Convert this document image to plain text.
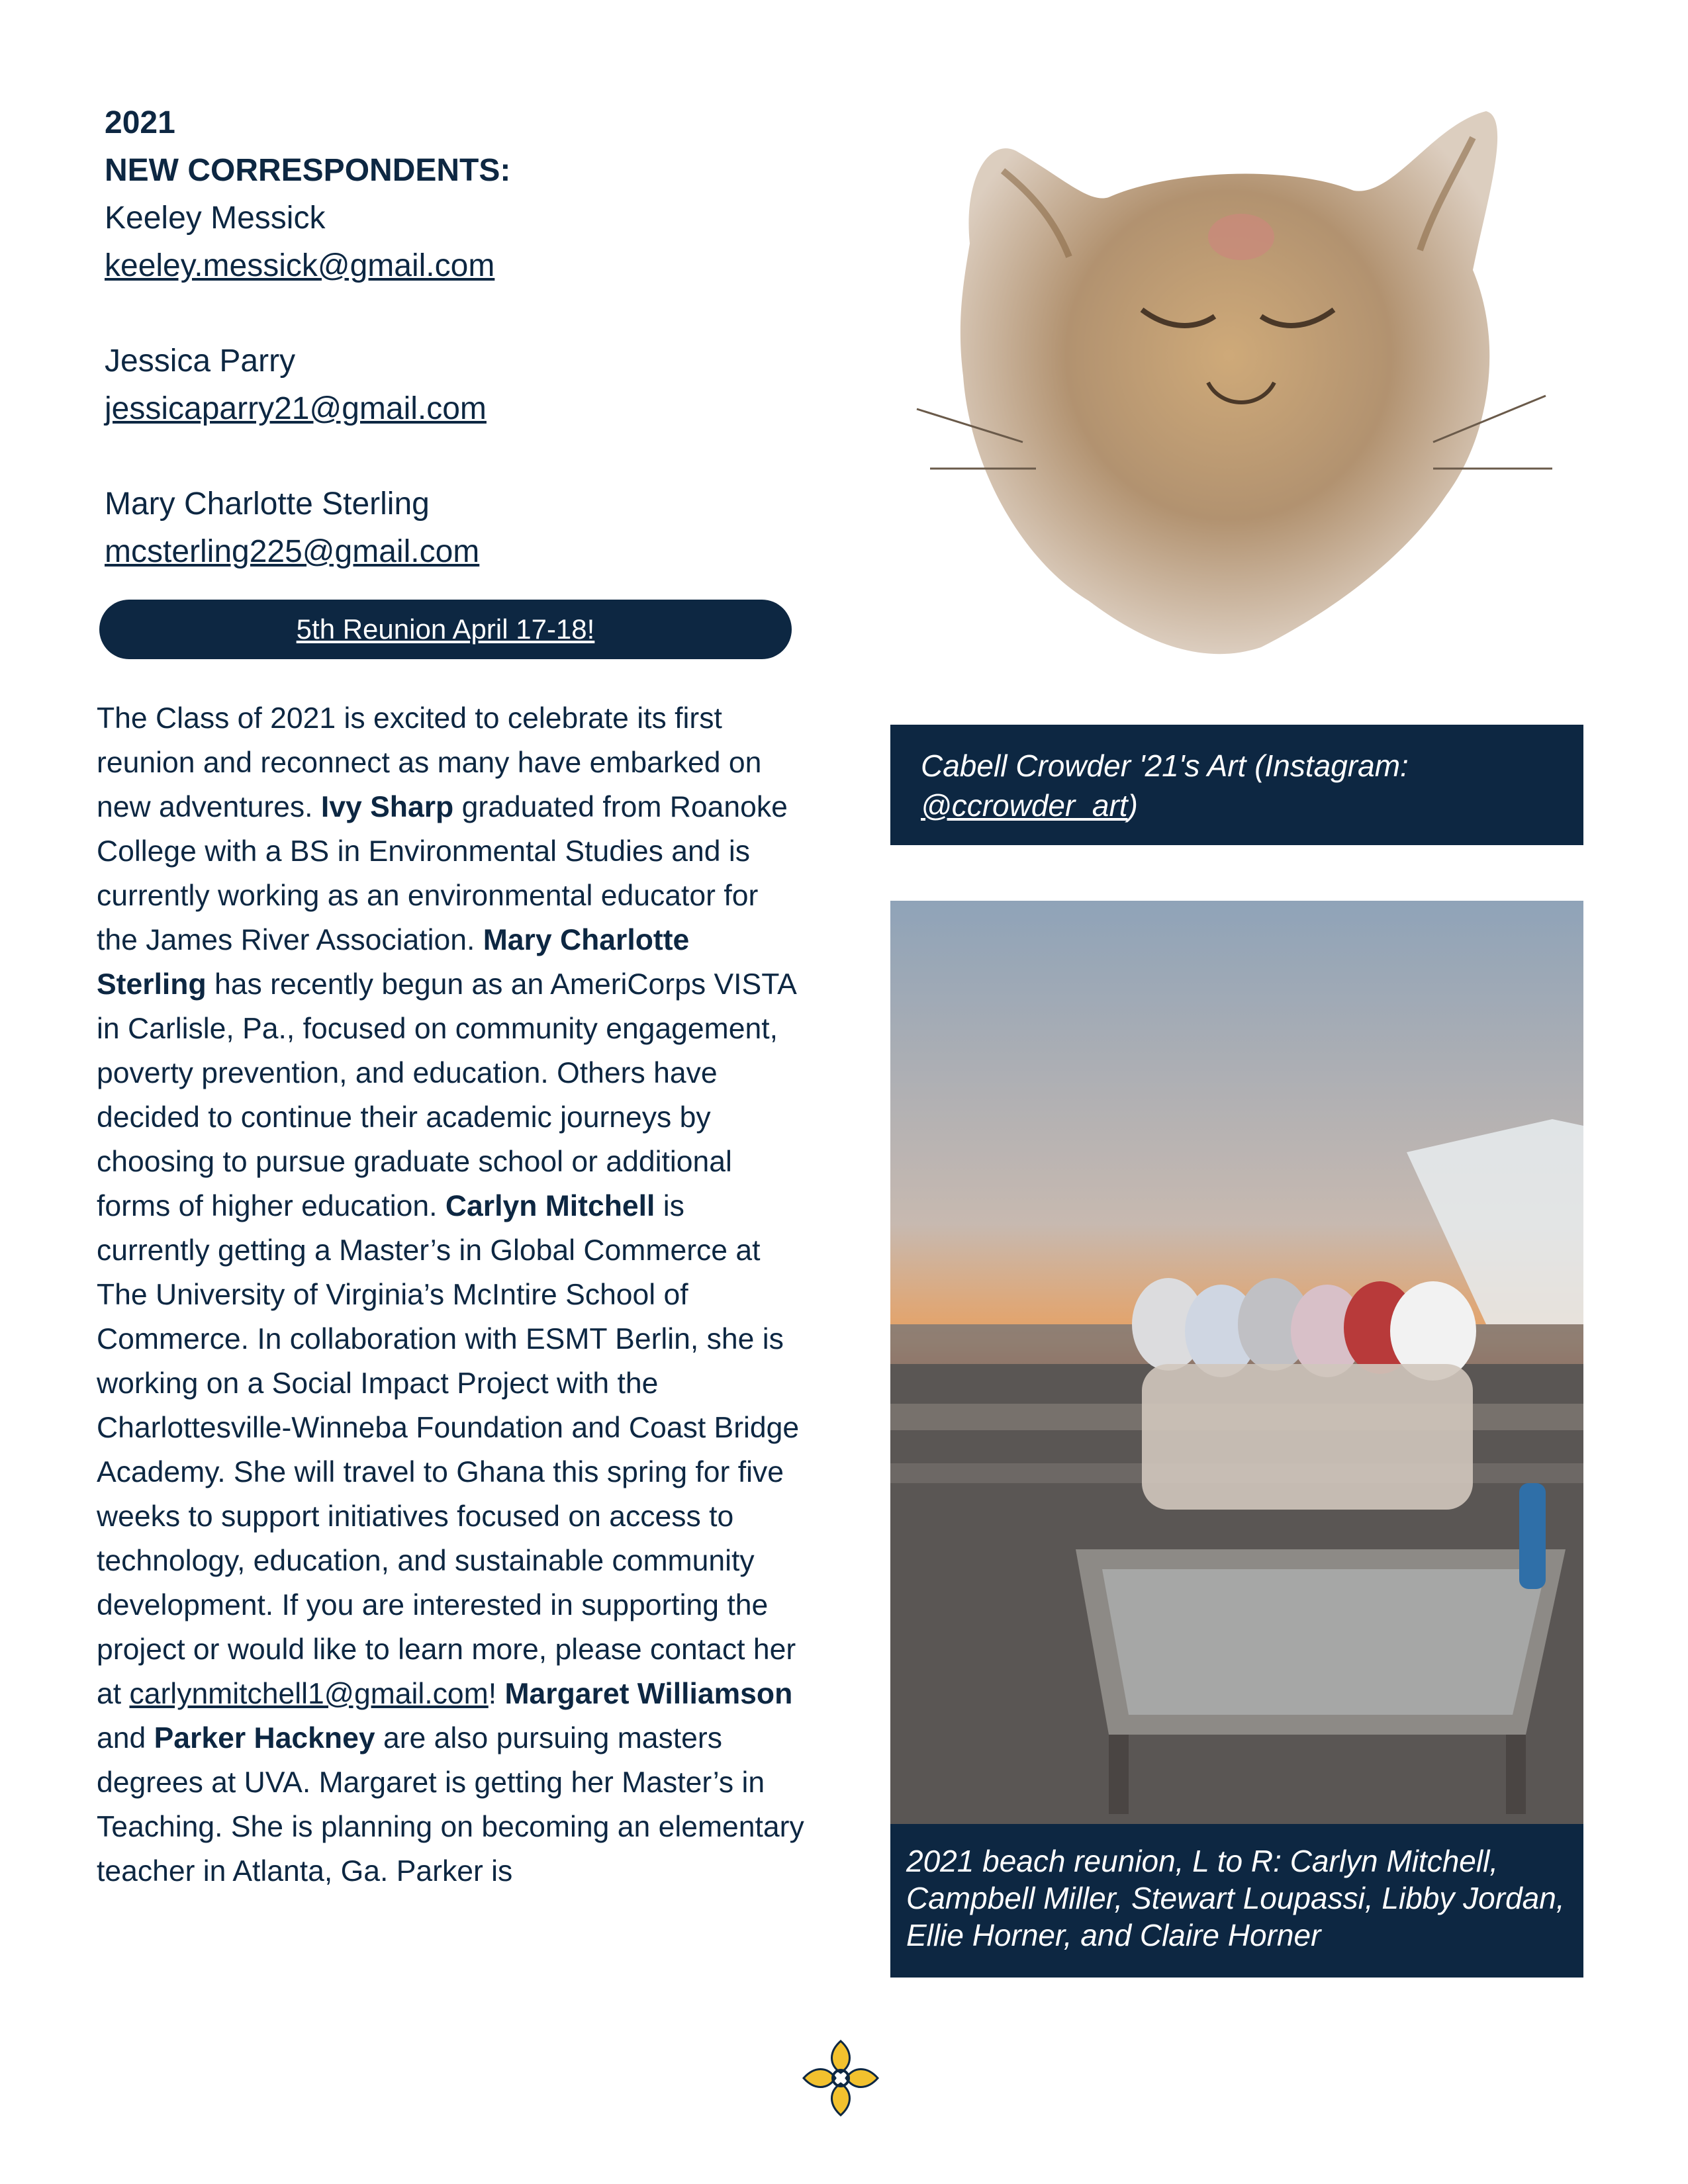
2021
NEW CORRESPONDENTS:
Keeley Messick
keeley.messick@gmail.com
Jessica Parry
jessicaparry21@gmail.com
Mary Charlotte Sterling
mcsterling225@gmail.com
5th Reunion April 17-18!

The Class of 2021 is excited to celebrate its first reunion and reconnect as many have embarked on new adventures. Ivy Sharp graduated from Roanoke College with a BS in Environmental Studies and is currently working as an environmental educator for the James River Association. Mary Charlotte Sterling has recently begun as an AmeriCorps VISTA in Carlisle, Pa., focused on community engagement, poverty prevention, and education. Others have decided to continue their academic journeys by choosing to pursue graduate school or additional forms of higher education. Carlyn Mitchell is currently getting a Master’s in Global Commerce at The University of Virginia’s McIntire School of Commerce. In collaboration with ESMT Berlin, she is working on a Social Impact Project with the Charlottesville-Winneba Foundation and Coast Bridge Academy. She will travel to Ghana this spring for five weeks to support initiatives focused on access to technology, education, and sustainable community development. If you are interested in supporting the project or would like to learn more, please contact her at carlynmitchell1@gmail.com! Margaret Williamson and Parker Hackney are also pursuing masters degrees at UVA. Margaret is getting her Master’s in Teaching. She is planning on becoming an elementary teacher in Atlanta, Ga. Parker is

Cabell Crowder '21's Art (Instagram: @ccrowder_art)
2021 beach reunion, L to R: Carlyn Mitchell, Campbell Miller, Stewart Loupassi, Libby Jordan, Ellie Horner, and Claire Horner
